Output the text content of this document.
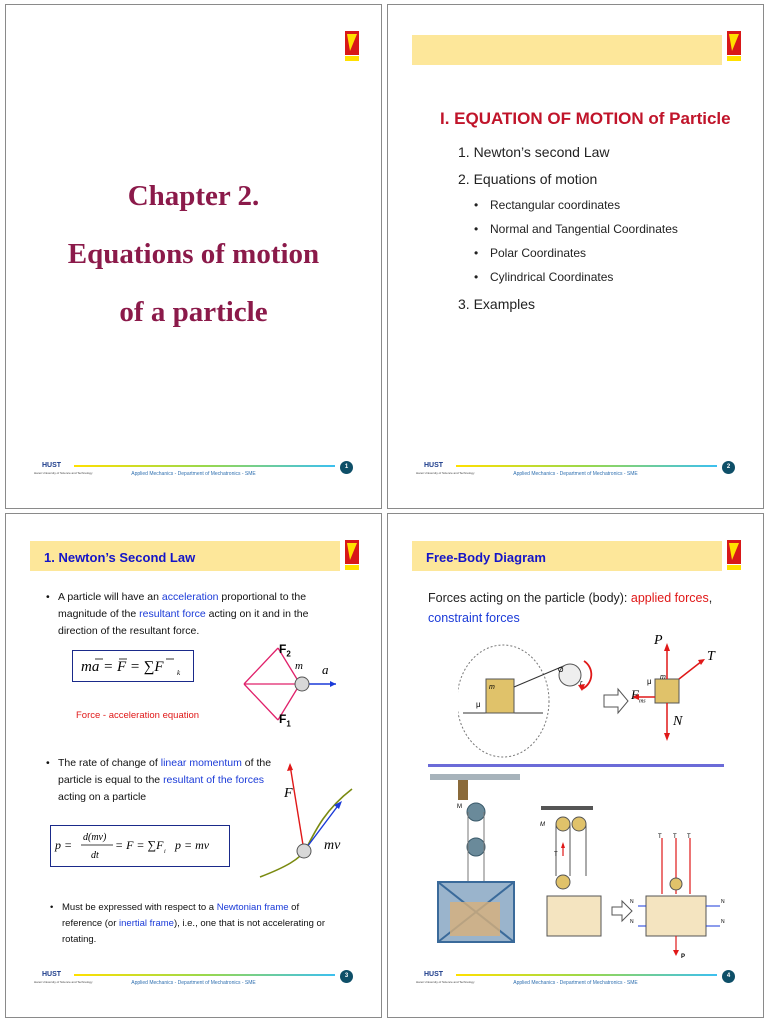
Chapter 2.
Equations of motion
of a particle
HUST
Hanoi University of Science and Technology	Applied Mechanics - Department of Mechatronics - SME
1
I. EQUATION OF MOTION of Particle
1. Newton’s second Law
2. Equations of motion
• Rectangular coordinates
• Normal and Tangential Coordinates
• Polar Coordinates
• Cylindrical Coordinates
3. Examples
HUST
Hanoi University of Science and Technology	Applied Mechanics - Department of Mechatronics - SME
2
1. Newton’s Second Law
• A particle will have an acceleration proportional to the magnitude of the resultant force acting on it and in the direction of the resultant force.
ma = F = ∑F k
Force - acceleration equation
$F_2$
$F_1$
m a
• The rate of change of linear momentum of the particle is equal to the resultant of the forces acting on a particle
p =
d(mv)
dt
= F = ∑F i p = mv
F
mv
• Must be expressed with respect to a Newtonian frame of reference (or inertial frame), i.e., one that is not accelerating or rotating.
HUST
Hanoi University of Science and Technology	Applied Mechanics - Department of Mechatronics - SME
3
Free-Body Diagram
Forces acting on the particle (body): applied forces, constraint forces
m
μ
O
r
P
T
N
m
μ
$F_{ms}$
M
M
T
T T T
N
N
N
N
P
HUST
Hanoi University of Science and Technology	Applied Mechanics - Department of Mechatronics - SME
4
